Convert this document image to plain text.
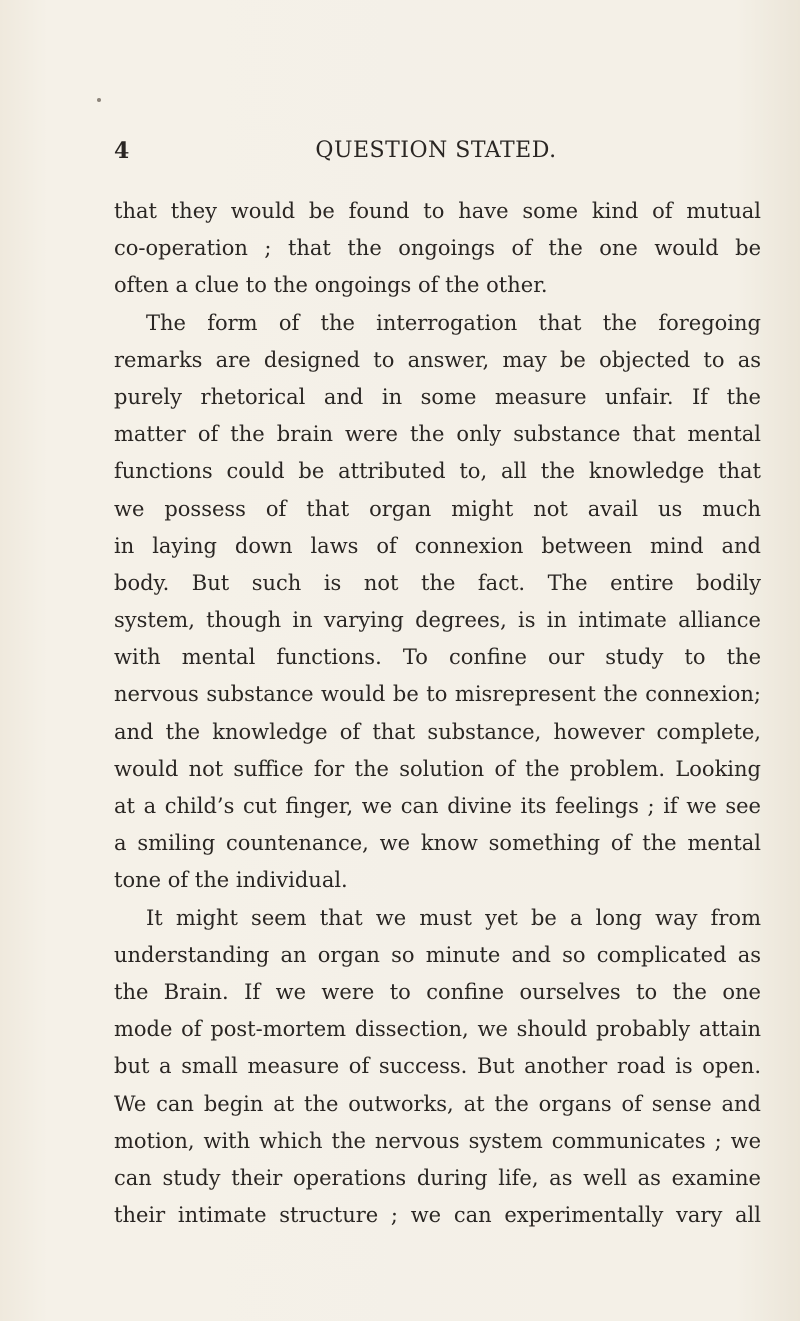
4	QUESTION STATED.
that they would be found to have some kind of mutual
co-operation ; that the ongoings of the one would be
often a clue to the ongoings of the other.
The form of the interrogation that the foregoing
remarks are designed to answer, may be objected to as
purely rhetorical and in some measure unfair. If the
matter of the brain were the only substance that mental
functions could be attributed to, all the knowledge that
we possess of that organ might not avail us much
in laying down laws of connexion between mind and
body. But such is not the fact. The entire bodily
system, though in varying degrees, is in intimate alliance
with mental functions. To confine our study to the
nervous substance would be to misrepresent the connexion;
and the knowledge of that substance, however complete,
would not suffice for the solution of the problem. Looking
at a child’s cut finger, we can divine its feelings ; if we see
a smiling countenance, we know something of the mental
tone of the individual.
It might seem that we must yet be a long way from
understanding an organ so minute and so complicated as
the Brain. If we were to confine ourselves to the one
mode of post-mortem dissection, we should probably attain
but a small measure of success. But another road is open.
We can begin at the outworks, at the organs of sense and
motion, with which the nervous system communicates ; we
can study their operations during life, as well as examine
their intimate structure ; we can experimentally vary all
